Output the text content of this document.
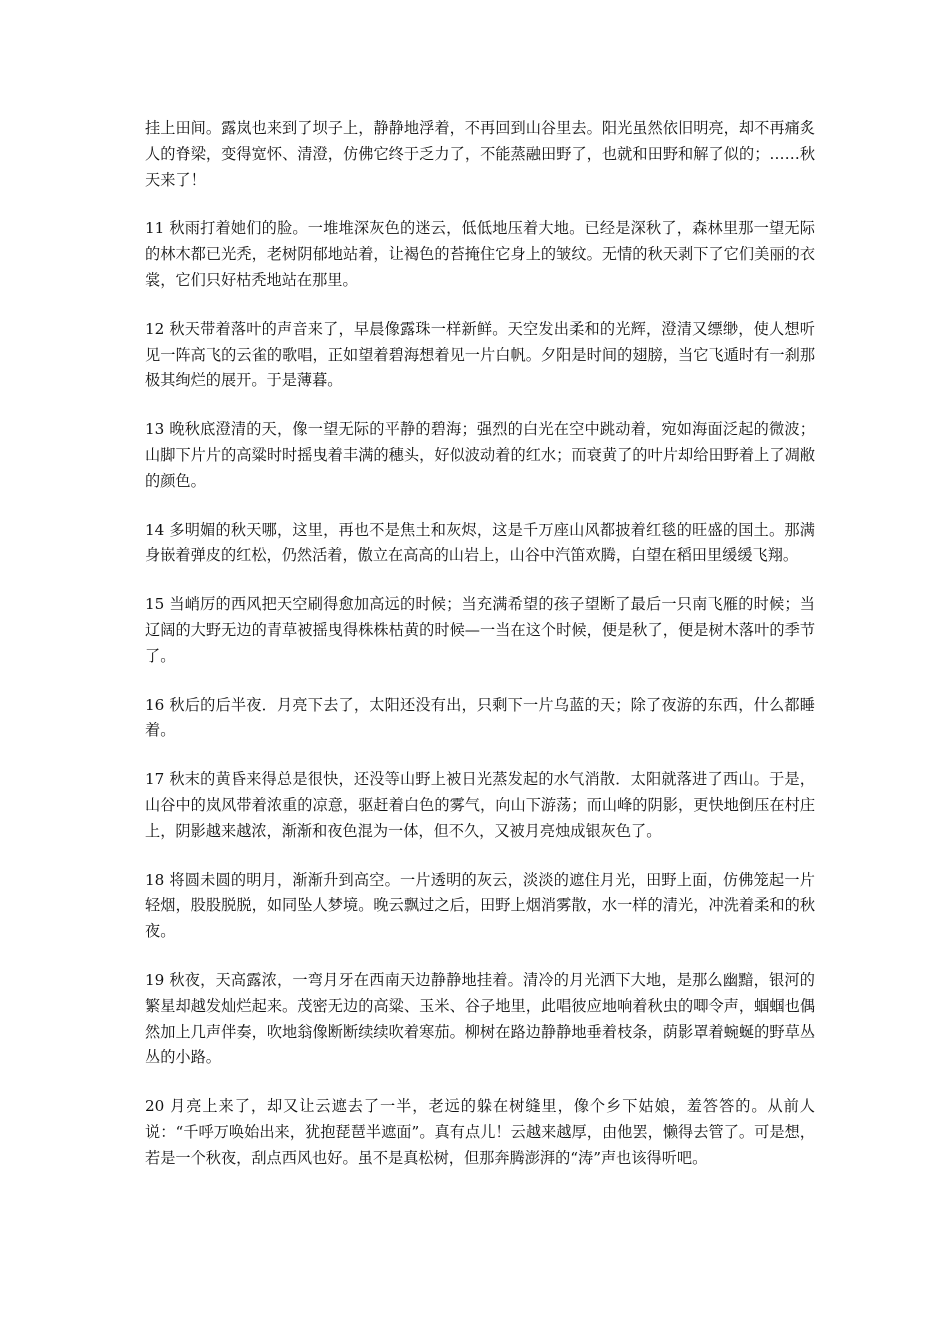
挂上田间。露岚也来到了坝子上，静静地浮着，不再回到山谷里去。阳光虽然依旧明亮，却不再痛炙人的脊梁，变得宽怀、清澄，仿佛它终于乏力了，不能蒸融田野了，也就和田野和解了似的；……秋天来了！

11 秋雨打着她们的脸。一堆堆深灰色的迷云，低低地压着大地。已经是深秋了，森林里那一望无际的林木都已光秃，老树阴郁地站着，让褐色的苔掩住它身上的皱纹。无情的秋天剥下了它们美丽的衣裳，它们只好枯秃地站在那里。

12 秋天带着落叶的声音来了，早晨像露珠一样新鲜。天空发出柔和的光辉，澄清又缥缈，使人想听见一阵高飞的云雀的歌唱，正如望着碧海想着见一片白帆。夕阳是时间的翅膀，当它飞遁时有一刹那极其绚烂的展开。于是薄暮。

13 晚秋底澄清的天，像一望无际的平静的碧海；强烈的白光在空中跳动着，宛如海面泛起的微波；山脚下片片的高粱时时摇曳着丰满的穗头，好似波动着的红水；而衰黄了的叶片却给田野着上了凋敝的颜色。

14 多明媚的秋天哪，这里，再也不是焦土和灰烬，这是千万座山风都披着红毯的旺盛的国土。那满身嵌着弹皮的红松，仍然活着，傲立在高高的山岩上，山谷中汽笛欢腾，白望在稻田里缓缓飞翔。

15 当峭厉的西风把天空刷得愈加高远的时候；当充满希望的孩子望断了最后一只南飞雁的时候；当辽阔的大野无边的青草被摇曳得株株枯黄的时候—一当在这个时候，便是秋了，便是树木落叶的季节了。

16 秋后的后半夜．月亮下去了，太阳还没有出，只剩下一片乌蓝的天；除了夜游的东西，什么都睡着。

17 秋末的黄昏来得总是很快，还没等山野上被日光蒸发起的水气消散．太阳就落进了西山。于是，山谷中的岚风带着浓重的凉意，驱赶着白色的雾气，向山下游荡；而山峰的阴影，更快地倒压在村庄上，阴影越来越浓，渐渐和夜色混为一体，但不久，又被月亮烛成银灰色了。

18 将圆未圆的明月，渐渐升到高空。一片透明的灰云，淡淡的遮住月光，田野上面，仿佛笼起一片轻烟，股股脱脱，如同坠人梦境。晚云飘过之后，田野上烟消雾散，水一样的清光，冲洗着柔和的秋夜。

19 秋夜，天高露浓，一弯月牙在西南天边静静地挂着。清冷的月光洒下大地，是那么幽黯，银河的繁星却越发灿烂起来。茂密无边的高粱、玉米、谷子地里，此唱彼应地响着秋虫的唧令声，蝈蝈也偶然加上几声伴奏，吹地翁像断断续续吹着寒茄。柳树在路边静静地垂着枝条，荫影罩着蜿蜒的野草丛丛的小路。

20 月亮上来了，却又让云遮去了一半，老远的躲在树缝里，像个乡下姑娘，羞答答的。从前人说：“千呼万唤始出来，犹抱琵琶半遮面”。真有点儿！云越来越厚，由他罢，懒得去管了。可是想，若是一个秋夜，刮点西风也好。虽不是真松树，但那奔腾澎湃的“涛”声也该得听吧。
